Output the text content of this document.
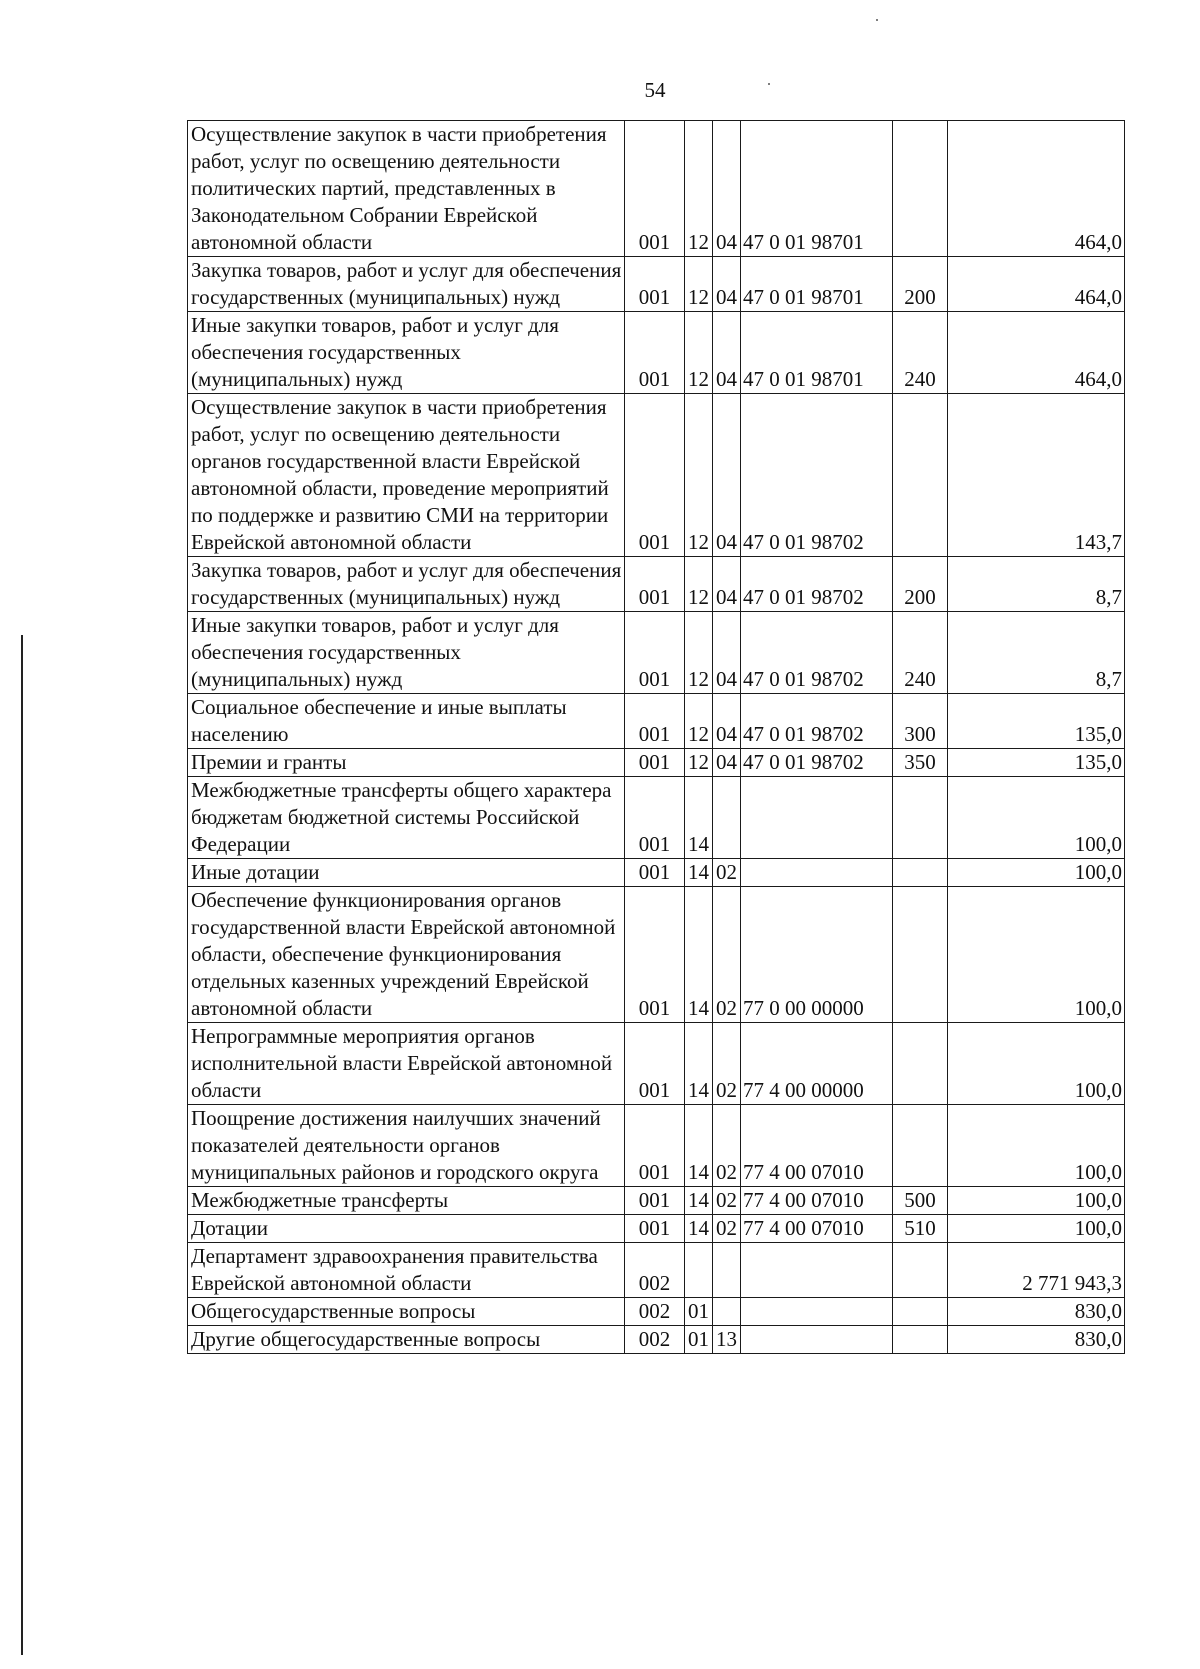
54
Осуществление закупок в части приобретения работ, услуг по освещению деятельности политических партий, представленных в Законодательном Собрании Еврейской автономной области	001	12	04	47 0 01 98701		464,0

Закупка товаров, работ и услуг для обеспечения государственных (муниципальных) нужд	001	12	04	47 0 01 98701	200	464,0

Иные закупки товаров, работ и услуг для обеспечения государственных (муниципальных) нужд	001	12	04	47 0 01 98701	240	464,0

Осуществление закупок в части приобретения работ, услуг по освещению деятельности органов государственной власти Еврейской автономной области, проведение мероприятий по поддержке и развитию СМИ на территории Еврейской автономной области	001	12	04	47 0 01 98702		143,7

Закупка товаров, работ и услуг для обеспечения государственных (муниципальных) нужд	001	12	04	47 0 01 98702	200	8,7

Иные закупки товаров, работ и услуг для обеспечения государственных (муниципальных) нужд	001	12	04	47 0 01 98702	240	8,7

Социальное обеспечение и иные выплаты населению	001	12	04	47 0 01 98702	300	135,0

Премии и гранты	001	12	04	47 0 01 98702	350	135,0

Межбюджетные трансферты общего характера бюджетам бюджетной системы Российской Федерации	001	14				100,0

Иные дотации	001	14	02			100,0

Обеспечение функционирования органов государственной власти Еврейской автономной области, обеспечение функционирования отдельных казенных учреждений Еврейской автономной области	001	14	02	77 0 00 00000		100,0

Непрограммные мероприятия органов исполнительной власти Еврейской автономной области	001	14	02	77 4 00 00000		100,0

Поощрение достижения наилучших значений показателей деятельности органов муниципальных районов и городского округа	001	14	02	77 4 00 07010		100,0

Межбюджетные трансферты	001	14	02	77 4 00 07010	500	100,0

Дотации	001	14	02	77 4 00 07010	510	100,0

Департамент здравоохранения правительства Еврейской автономной области	002					2 771 943,3

Общегосударственные вопросы	002	01				830,0

Другие общегосударственные вопросы	002	01	13			830,0
